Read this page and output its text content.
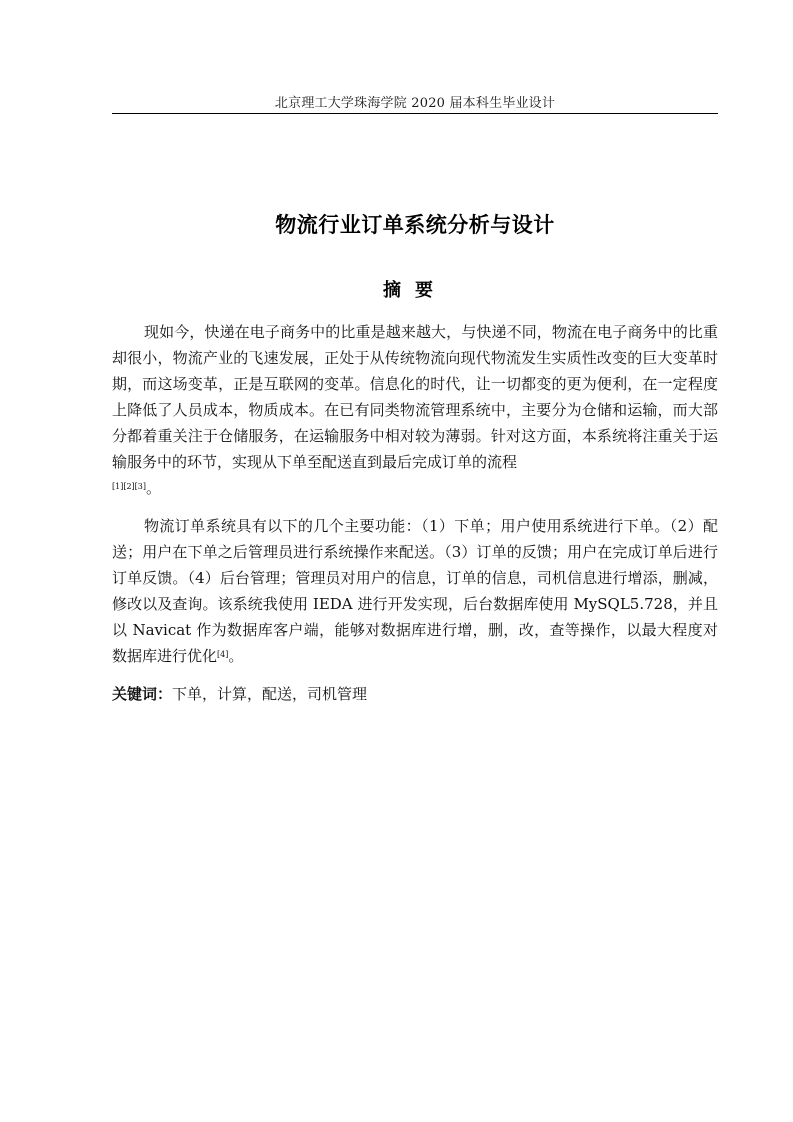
北京理工大学珠海学院 2020 届本科生毕业设计
物流行业订单系统分析与设计
摘要

现如今，快递在电子商务中的比重是越来越大，与快递不同，物流在电子商务中的比重却很小，物流产业的飞速发展，正处于从传统物流向现代物流发生实质性改变的巨大变革时期，而这场变革，正是互联网的变革。信息化的时代，让一切都变的更为便利，在一定程度上降低了人员成本，物质成本。在已有同类物流管理系统中，主要分为仓储和运输，而大部分都着重关注于仓储服务，在运输服务中相对较为薄弱。针对这方面，本系统将注重关于运输服务中的环节，实现从下单至配送直到最后完成订单的流程
[1][2][3]。

物流订单系统具有以下的几个主要功能：（1）下单；用户使用系统进行下单。（2）配送；用户在下单之后管理员进行系统操作来配送。（3）订单的反馈；用户在完成订单后进行订单反馈。（4）后台管理；管理员对用户的信息，订单的信息，司机信息进行增添，删减，修改以及查询。该系统我使用 IEDA 进行开发实现，后台数据库使用 MySQL5.728，并且以 Navicat 作为数据库客户端，能够对数据库进行增，删，改，查等操作，以最大程度对数据库进行优化[4]。

关键词：下单，计算，配送，司机管理
